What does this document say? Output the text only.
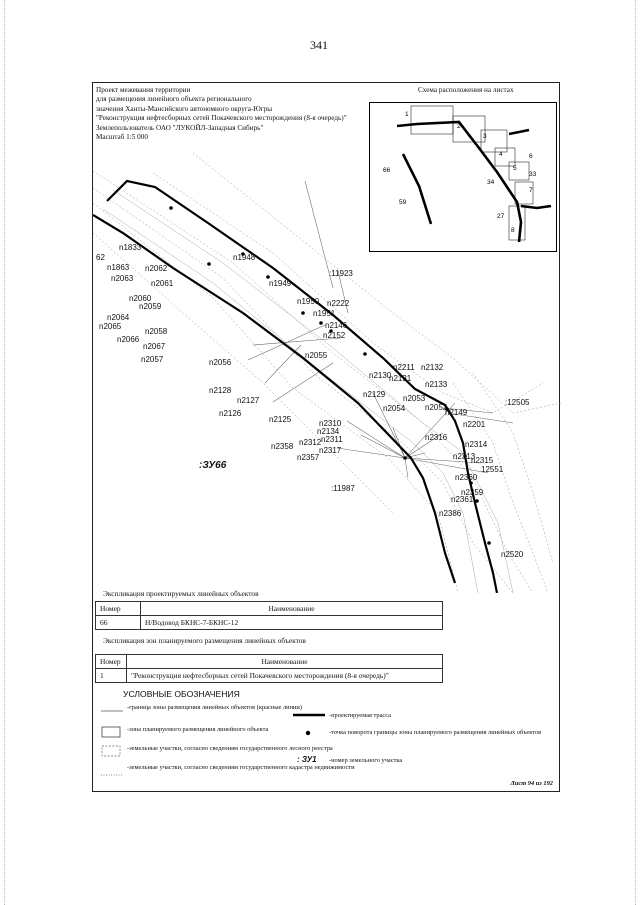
341
Проект межевания территории
для размещения линейного объекта регионального
значения Ханты-Мансийского автономного округа-Югры
"Реконструкция нефтесборных сетей Покачевского месторождения (8-я очередь)"
Землепользователь ОАО "ЛУКОЙЛ-Западная Сибирь"
Масштаб 1:5 000
Схема расположения на листах
62
n1833
n1863 n2062
n2063
n2061
n2060
n2059
n2064
n2065
n2058
n2066
n2067
n2057	n2056
n2055
n2128
n2127
n2126
n2125
n1948
n1949
n1950
n1951
n2222
n2146
n2152
:11923
n2211 n2132
n2130
n2131
n2133
n2129 n2053
n2054 n2052
n2149
:12505
n2201
n2310
n2134
n2311
n2312
n2358	n2317
n2357
n2316
n2314
n2313
n2315
12551
:11987
n2360
n2359
n2361
n2386
n2520
:ЗУ66
1
2
3
4
5
6
7
8
27
33
34
59
66
Экспликация проектируемых линейных объектов
Номер	Наименование
66	Н/Водовод БКНС-7-БКНС-12
Экспликация зон планируемого размещения линейных объектов
Номер	Наименование
1	"Реконструкция нефтесборных сетей Покачевского месторождения (8-я очередь)"
УСЛОВНЫЕ ОБОЗНАЧЕНИЯ
-граница зоны размещения линейных объектов (красные линии)
-зона планируемого размещения линейного объекта
-земельные участки, согласно сведениям государственного лесного реестра
-земельные участки, согласно сведениям государственного кадастра недвижимости
-проектируемая трасса
-точка поворота границы зоны планируемого размещения линейных объектов
: ЗУ1 -номер земельного участка
Лист 94 из 192
